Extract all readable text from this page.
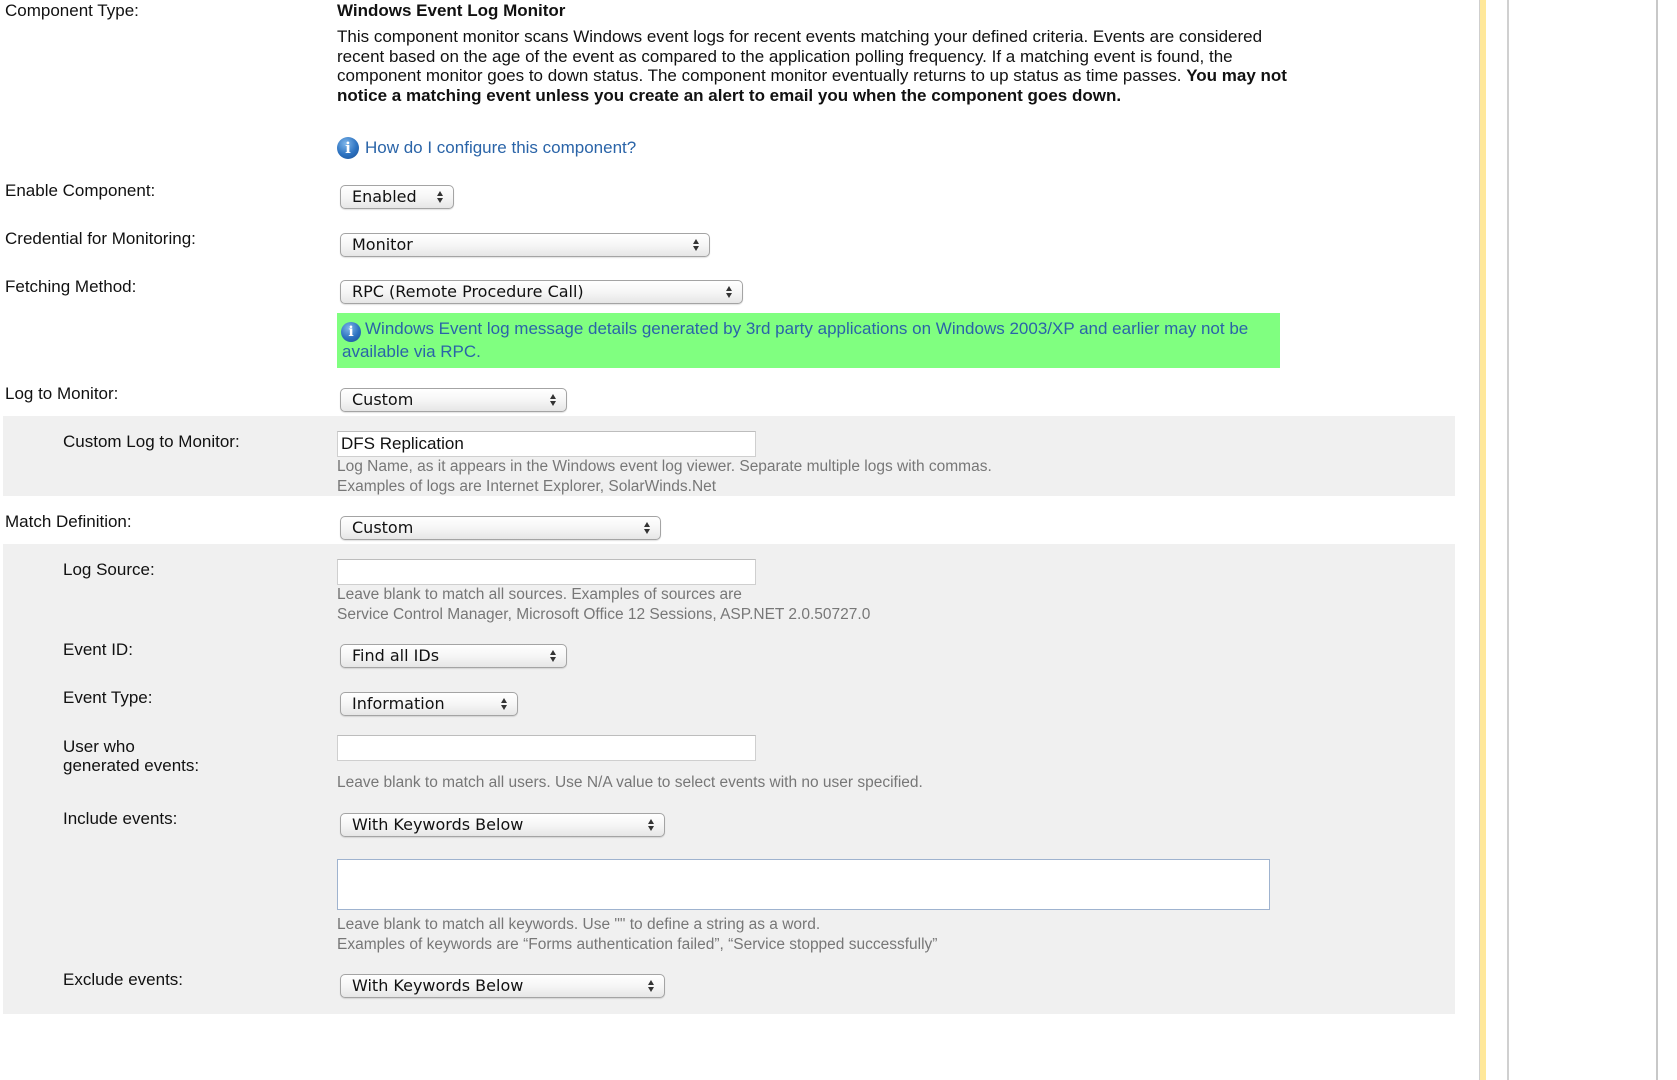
Component Type:	Windows Event Log Monitor
This component monitor scans Windows event logs for recent events matching your defined criteria. Events are considered recent based on the age of the event as compared to the application polling frequency. If a matching event is found, the component monitor goes to down status. The component monitor eventually returns to up status as time passes. You may not notice a matching event unless you create an alert to email you when the component goes down.
i How do I configure this component?
Enable Component:	Enabled
Credential for Monitoring:	Monitor
Fetching Method:	RPC (Remote Procedure Call)
i Windows Event log message details generated by 3rd party applications on Windows 2003/XP and earlier may not be available via RPC.
Log to Monitor:	Custom
Custom Log to Monitor:	DFS Replication
Log Name, as it appears in the Windows event log viewer. Separate multiple logs with commas.
Examples of logs are Internet Explorer, SolarWinds.Net
Match Definition:	Custom
Log Source:
Leave blank to match all sources. Examples of sources are
Service Control Manager, Microsoft Office 12 Sessions, ASP.NET 2.0.50727.0
Event ID:	Find all IDs
Event Type:	Information
User who
generated events:
Leave blank to match all users. Use N/A value to select events with no user specified.
Include events:	With Keywords Below
Leave blank to match all keywords. Use "" to define a string as a word.
Examples of keywords are “Forms authentication failed”, “Service stopped successfully”
Exclude events:	With Keywords Below
